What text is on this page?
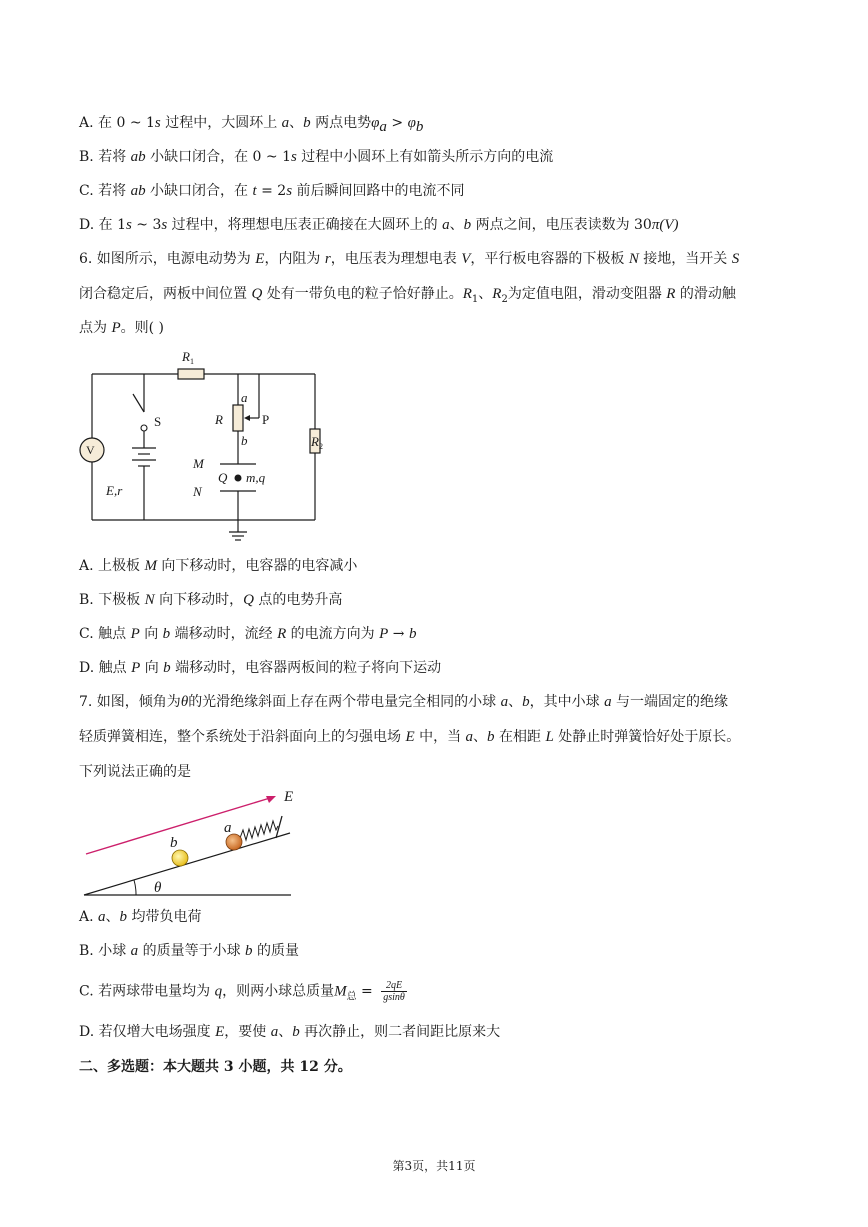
A. 在 0 ~ 1s 过程中，大圆环上 a、b 两点电势$\varphi_a > \varphi_b$
B. 若将 ab 小缺口闭合，在 0 ~ 1s 过程中小圆环上有如箭头所示方向的电流
C. 若将 ab 小缺口闭合，在 t = 2s 前后瞬间回路中的电流不同
D. 在 1s ~ 3s 过程中，将理想电压表正确接在大圆环上的 a、b 两点之间，电压表读数为 30π(V)
6. 如图所示，电源电动势为 E，内阻为 r，电压表为理想电表 V，平行板电容器的下极板 N 接地，当开关 S
闭合稳定后，两板中间位置 Q 处有一带负电的粒子恰好静止。$R_1$、$R_2$为定值电阻，滑动变阻器 R 的滑动触
点为 P。则( )
$R_1$
$R_2$
S
V
a
b
R	P
M
N
Q m,q
E,r
A. 上极板 M 向下移动时，电容器的电容减小
B. 下极板 N 向下移动时，Q 点的电势升高
C. 触点 P 向 b 端移动时，流经 R 的电流方向为 P → b
D. 触点 P 向 b 端移动时，电容器两板间的粒子将向下运动
7. 如图，倾角为θ的光滑绝缘斜面上存在两个带电量完全相同的小球 a、b，其中小球 a 与一端固定的绝缘
轻质弹簧相连，整个系统处于沿斜面向上的匀强电场 E 中，当 a、b 在相距 L 处静止时弹簧恰好处于原长。
下列说法正确的是
E
a
b
θ
A. a、b 均带负电荷
B. 小球 a 的质量等于小球 b 的质量
C. 若两球带电量均为 q，则两小球总质量$M_总 = \frac{2qE}{gsin\theta}$
D. 若仅增大电场强度 E，要使 a、b 再次静止，则二者间距比原来大
二、多选题：本大题共 3 小题，共 12 分。
第3页，共11页
